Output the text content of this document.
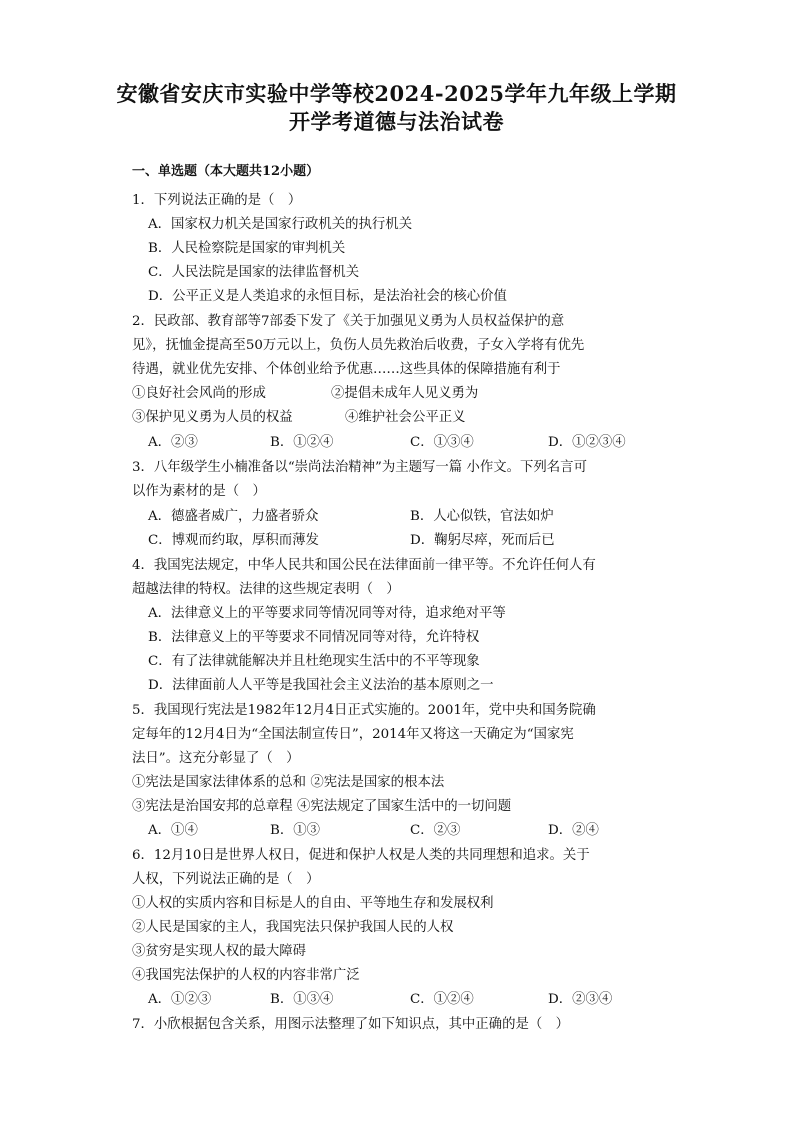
安徽省安庆市实验中学等校2024-2025学年九年级上学期
开学考道德与法治试卷
一、单选题（本大题共12小题）
1．下列说法正确的是（　）
A．国家权力机关是国家行政机关的执行机关
B．人民检察院是国家的审判机关
C．人民法院是国家的法律监督机关
D．公平正义是人类追求的永恒目标，是法治社会的核心价值
2．民政部、教育部等7部委下发了《关于加强见义勇为人员权益保护的意
见》，抚恤金提高至50万元以上，负伤人员先救治后收费，子女入学将有优先
待遇，就业优先安排、个体创业给予优惠……这些具体的保障措施有利于
①良好社会风尚的形成	②提倡未成年人见义勇为
③保护见义勇为人员的权益	④维护社会公平正义
A．②③	B．①②④	C．①③④	D．①②③④
3．八年级学生小楠准备以“崇尚法治精神”为主题写一篇 小作文。下列名言可
以作为素材的是（　）
A．德盛者威广，力盛者骄众	B．人心似铁，官法如炉
C．博观而约取，厚积而薄发	D．鞠躬尽瘁，死而后已
4．我国宪法规定，中华人民共和国公民在法律面前一律平等。不允许任何人有
超越法律的特权。法律的这些规定表明（　）
A．法律意义上的平等要求同等情况同等对待，追求绝对平等
B．法律意义上的平等要求不同情况同等对待，允许特权
C．有了法律就能解决并且杜绝现实生活中的不平等现象
D．法律面前人人平等是我国社会主义法治的基本原则之一
5．我国现行宪法是1982年12月4日正式实施的。2001年，党中央和国务院确
定每年的12月4日为“全国法制宣传日”，2014年又将这一天确定为“国家宪
法日”。这充分彰显了（　）
①宪法是国家法律体系的总和 ②宪法是国家的根本法
③宪法是治国安邦的总章程 ④宪法规定了国家生活中的一切问题
A．①④	B．①③	C．②③	D．②④
6．12月10日是世界人权日，促进和保护人权是人类的共同理想和追求。关于
人权，下列说法正确的是（　）
①人权的实质内容和目标是人的自由、平等地生存和发展权利
②人民是国家的主人，我国宪法只保护我国人民的人权
③贫穷是实现人权的最大障碍
④我国宪法保护的人权的内容非常广泛
A．①②③	B．①③④	C．①②④	D．②③④
7．小欣根据包含关系，用图示法整理了如下知识点，其中正确的是（　）
